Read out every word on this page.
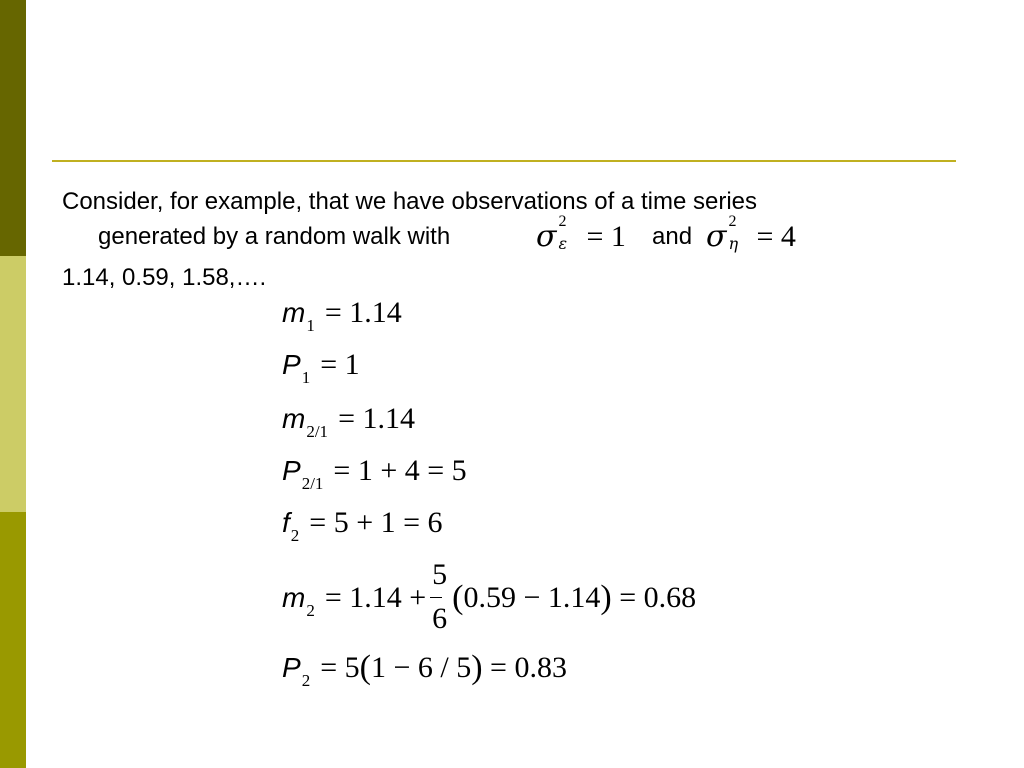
Consider, for example, that we have observations of a time series
generated by a random walk with	σ 2
ε = 1 and σ 2
η = 4
1.14, 0.59, 1.58,….
$m_1 = 1.14$
$P_1 = 1$
$m_{2/1} = 1.14$
$P_{2/1} = 1 + 4 = 5$
$f_2 = 5 + 1 = 6$
$m_2 = 1.14 + \frac{5}{6} (0.59 - 1.14) = 0.68$
$P_2 = 5(1 - 6 / 5) = 0.83$
